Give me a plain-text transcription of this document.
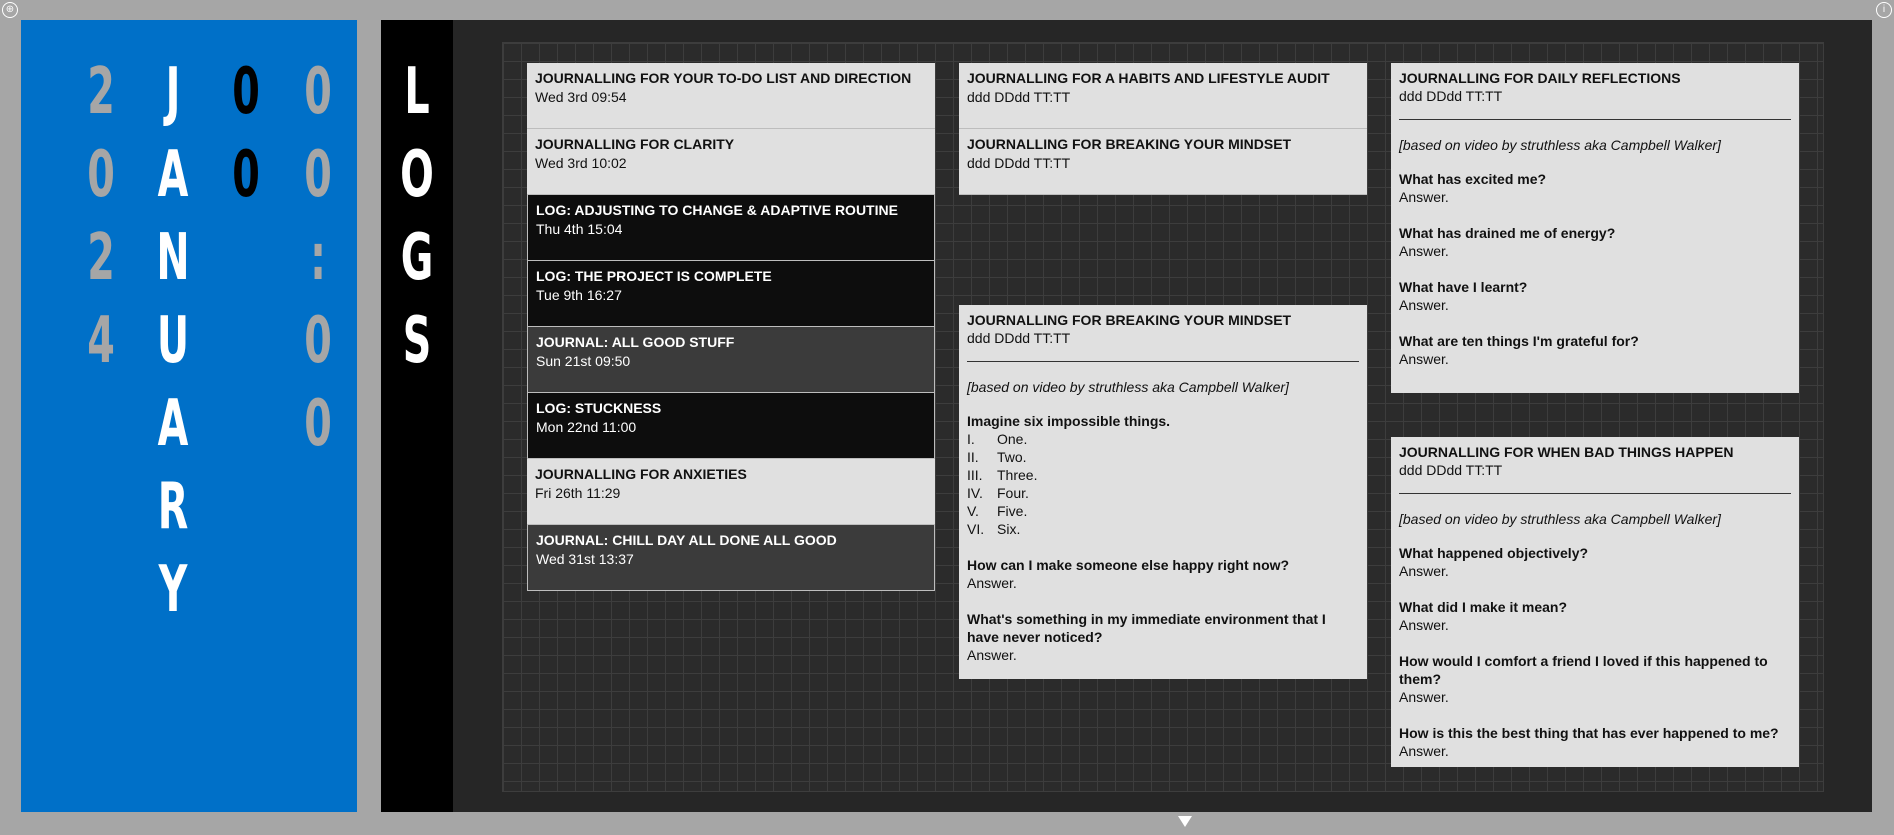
⊕	i
2
0
2
4
J
A
N
U
A
R
Y
0
0
0
0
:
0
0
L
O
G
S
JOURNALLING FOR YOUR TO-DO LIST AND DIRECTION
Wed 3rd 09:54
JOURNALLING FOR CLARITY
Wed 3rd 10:02
LOG: ADJUSTING TO CHANGE & ADAPTIVE ROUTINE
Thu 4th 15:04
LOG: THE PROJECT IS COMPLETE
Tue 9th 16:27
JOURNAL: ALL GOOD STUFF
Sun 21st 09:50
LOG: STUCKNESS
Mon 22nd 11:00
JOURNALLING FOR ANXIETIES
Fri 26th 11:29
JOURNAL: CHILL DAY ALL DONE ALL GOOD
Wed 31st 13:37
JOURNALLING FOR A HABITS AND LIFESTYLE AUDIT
ddd DDdd TT:TT
JOURNALLING FOR BREAKING YOUR MINDSET
ddd DDdd TT:TT
JOURNALLING FOR BREAKING YOUR MINDSET
ddd DDdd TT:TT
[based on video by struthless aka Campbell Walker]
Imagine six impossible things.
I.	One.
II.	Two.
III.	Three.
IV.	Four.
V.	Five.
VI. Six.
How can I make someone else happy right now?
Answer.
What's something in my immediate environment that I have never noticed?
Answer.
JOURNALLING FOR DAILY REFLECTIONS
ddd DDdd TT:TT
[based on video by struthless aka Campbell Walker]
What has excited me?
Answer.
What has drained me of energy?
Answer.
What have I learnt?
Answer.
What are ten things I'm grateful for?
Answer.
JOURNALLING FOR WHEN BAD THINGS HAPPEN
ddd DDdd TT:TT
[based on video by struthless aka Campbell Walker]
What happened objectively?
Answer.
What did I make it mean?
Answer.
How would I comfort a friend I loved if this happened to them?
Answer.
How is this the best thing that has ever happened to me?
Answer.
